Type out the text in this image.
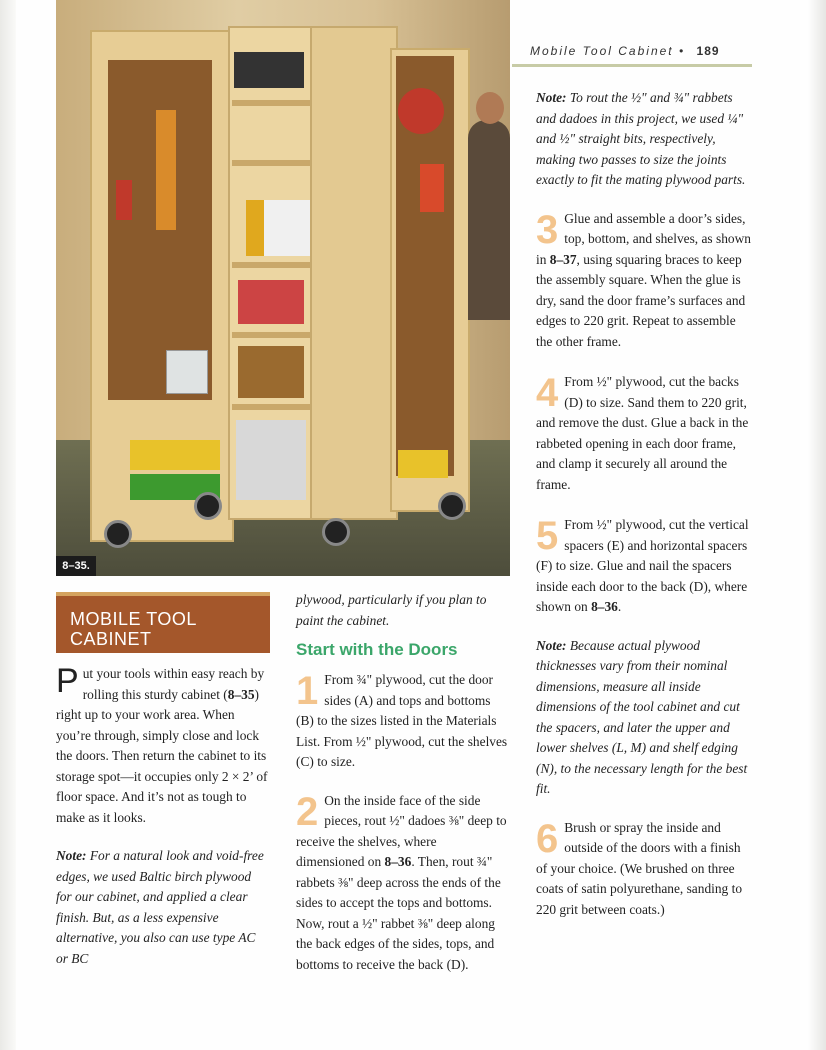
8–35.
Mobile Tool Cabinet • 189

Note: To rout the ½" and ¾" rabbets and dadoes in this project, we used ¼" and ½" straight bits, respectively, making two passes to size the joints exactly to fit the mating plywood parts.

3 Glue and assemble a door’s sides, top, bottom, and shelves, as shown in 8–37, using squaring braces to keep the assembly square. When the glue is dry, sand the door frame’s surfaces and edges to 220 grit. Repeat to assemble the other frame.

4 From ½" plywood, cut the backs (D) to size. Sand them to 220 grit, and remove the dust. Glue a back in the rabbeted opening in each door frame, and clamp it securely all around the frame.

5 From ½" plywood, cut the vertical spacers (E) and horizontal spacers (F) to size. Glue and nail the spacers inside each door to the back (D), where shown on 8–36.

Note: Because actual plywood thicknesses vary from their nominal dimensions, measure all inside dimensions of the tool cabinet and cut the spacers, and later the upper and lower shelves (L, M) and shelf edging (N), to the necessary length for the best fit.

6 Brush or spray the inside and outside of the doors with a finish of your choice. (We brushed on three coats of satin polyurethane, sanding to 220 grit between coats.)

MOBILE TOOL
CABINET

Put your tools within easy reach by rolling this sturdy cabinet (8–35) right up to your work area. When you’re through, simply close and lock the doors. Then return the cabinet to its storage spot—it occupies only 2 × 2’ of floor space. And it’s not as tough to make as it looks.

Note: For a natural look and void-free edges, we used Baltic birch plywood for our cabinet, and applied a clear finish. But, as a less expensive alternative, you also can use type AC or BC

plywood, particularly if you plan to paint the cabinet.

Start with the Doors

1 From ¾" plywood, cut the door sides (A) and tops and bottoms (B) to the sizes listed in the Materials List. From ½" plywood, cut the shelves (C) to size.

2 On the inside face of the side pieces, rout ½" dadoes ⅜" deep to receive the shelves, where dimensioned on 8–36. Then, rout ¾" rabbets ⅜" deep across the ends of the sides to accept the tops and bottoms. Now, rout a ½" rabbet ⅜" deep along the back edges of the sides, tops, and bottoms to receive the back (D).
